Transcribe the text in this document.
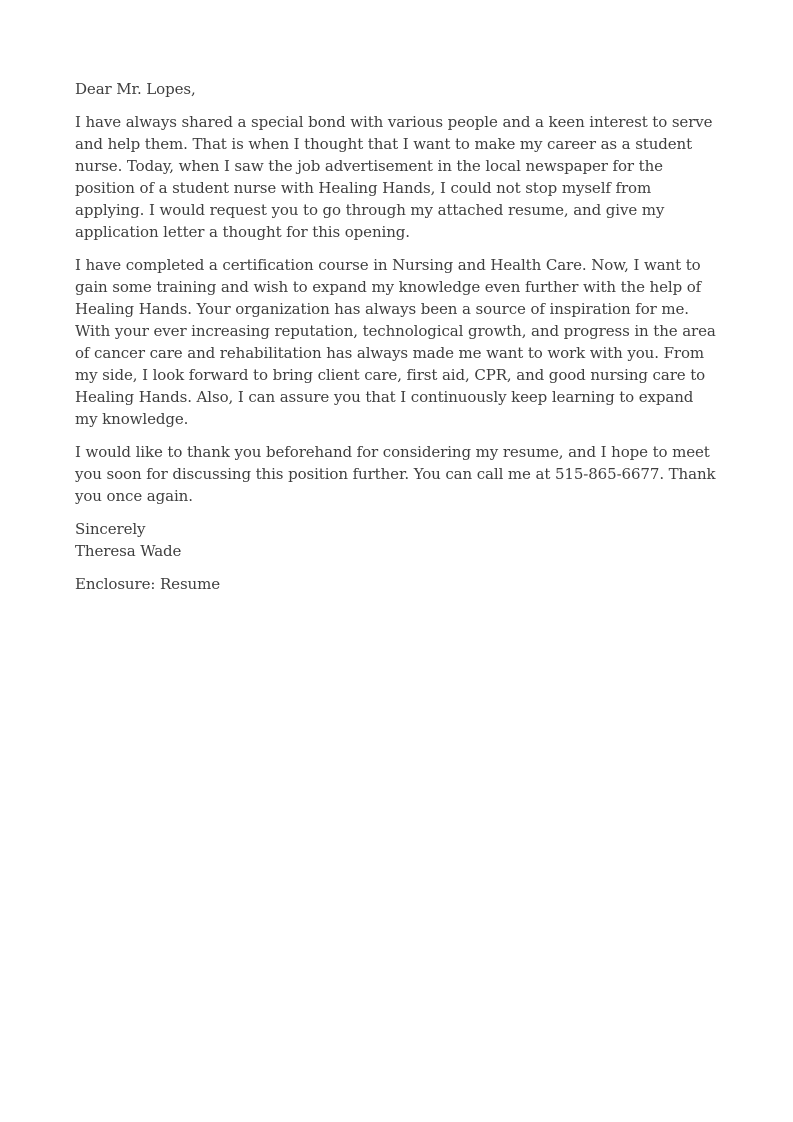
Dear Mr. Lopes,

I have always shared a special bond with various people and a keen interest to serve and help them. That is when I thought that I want to make my career as a student nurse. Today, when I saw the job advertisement in the local newspaper for the position of a student nurse with Healing Hands, I could not stop myself from applying. I would request you to go through my attached resume, and give my application letter a thought for this opening.

I have completed a certification course in Nursing and Health Care. Now, I want to gain some training and wish to expand my knowledge even further with the help of Healing Hands. Your organization has always been a source of inspiration for me. With your ever increasing reputation, technological growth, and progress in the area of cancer care and rehabilitation has always made me want to work with you. From my side, I look forward to bring client care, first aid, CPR, and good nursing care to Healing Hands. Also, I can assure you that I continuously keep learning to expand my knowledge.

I would like to thank you beforehand for considering my resume, and I hope to meet you soon for discussing this position further. You can call me at 515-865-6677. Thank you once again.

Sincerely
Theresa Wade

Enclosure: Resume
